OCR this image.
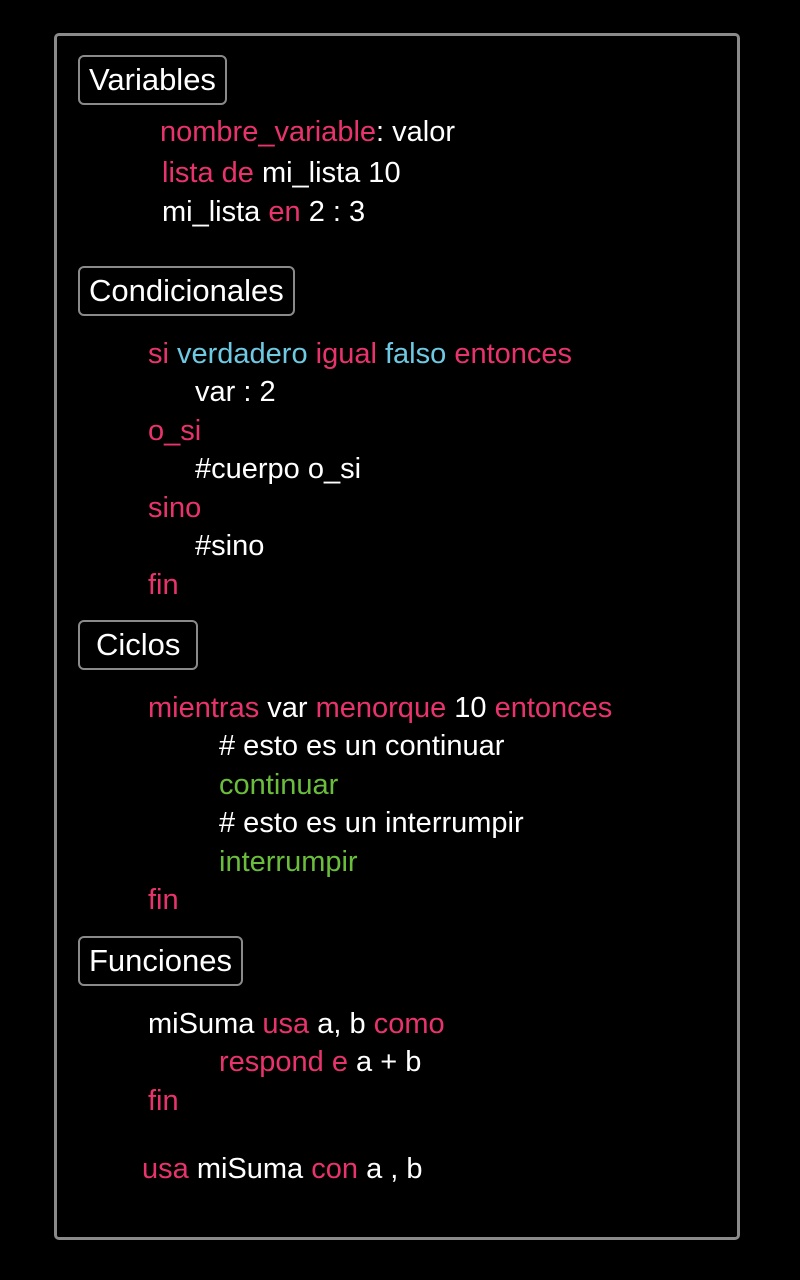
Variables
nombre_variable: valor
lista de mi_lista 10
mi_lista en 2 : 3
Condicionales
si verdadero igual falso entonces
var : 2
o_si
#cuerpo o_si
sino
#sino
fin
Ciclos
mientras var menorque 10 entonces
# esto es un continuar
continuar
# esto es un interrumpir
interrumpir
fin
Funciones
miSuma usa a, b como
respond e a + b
fin
usa miSuma con a , b
